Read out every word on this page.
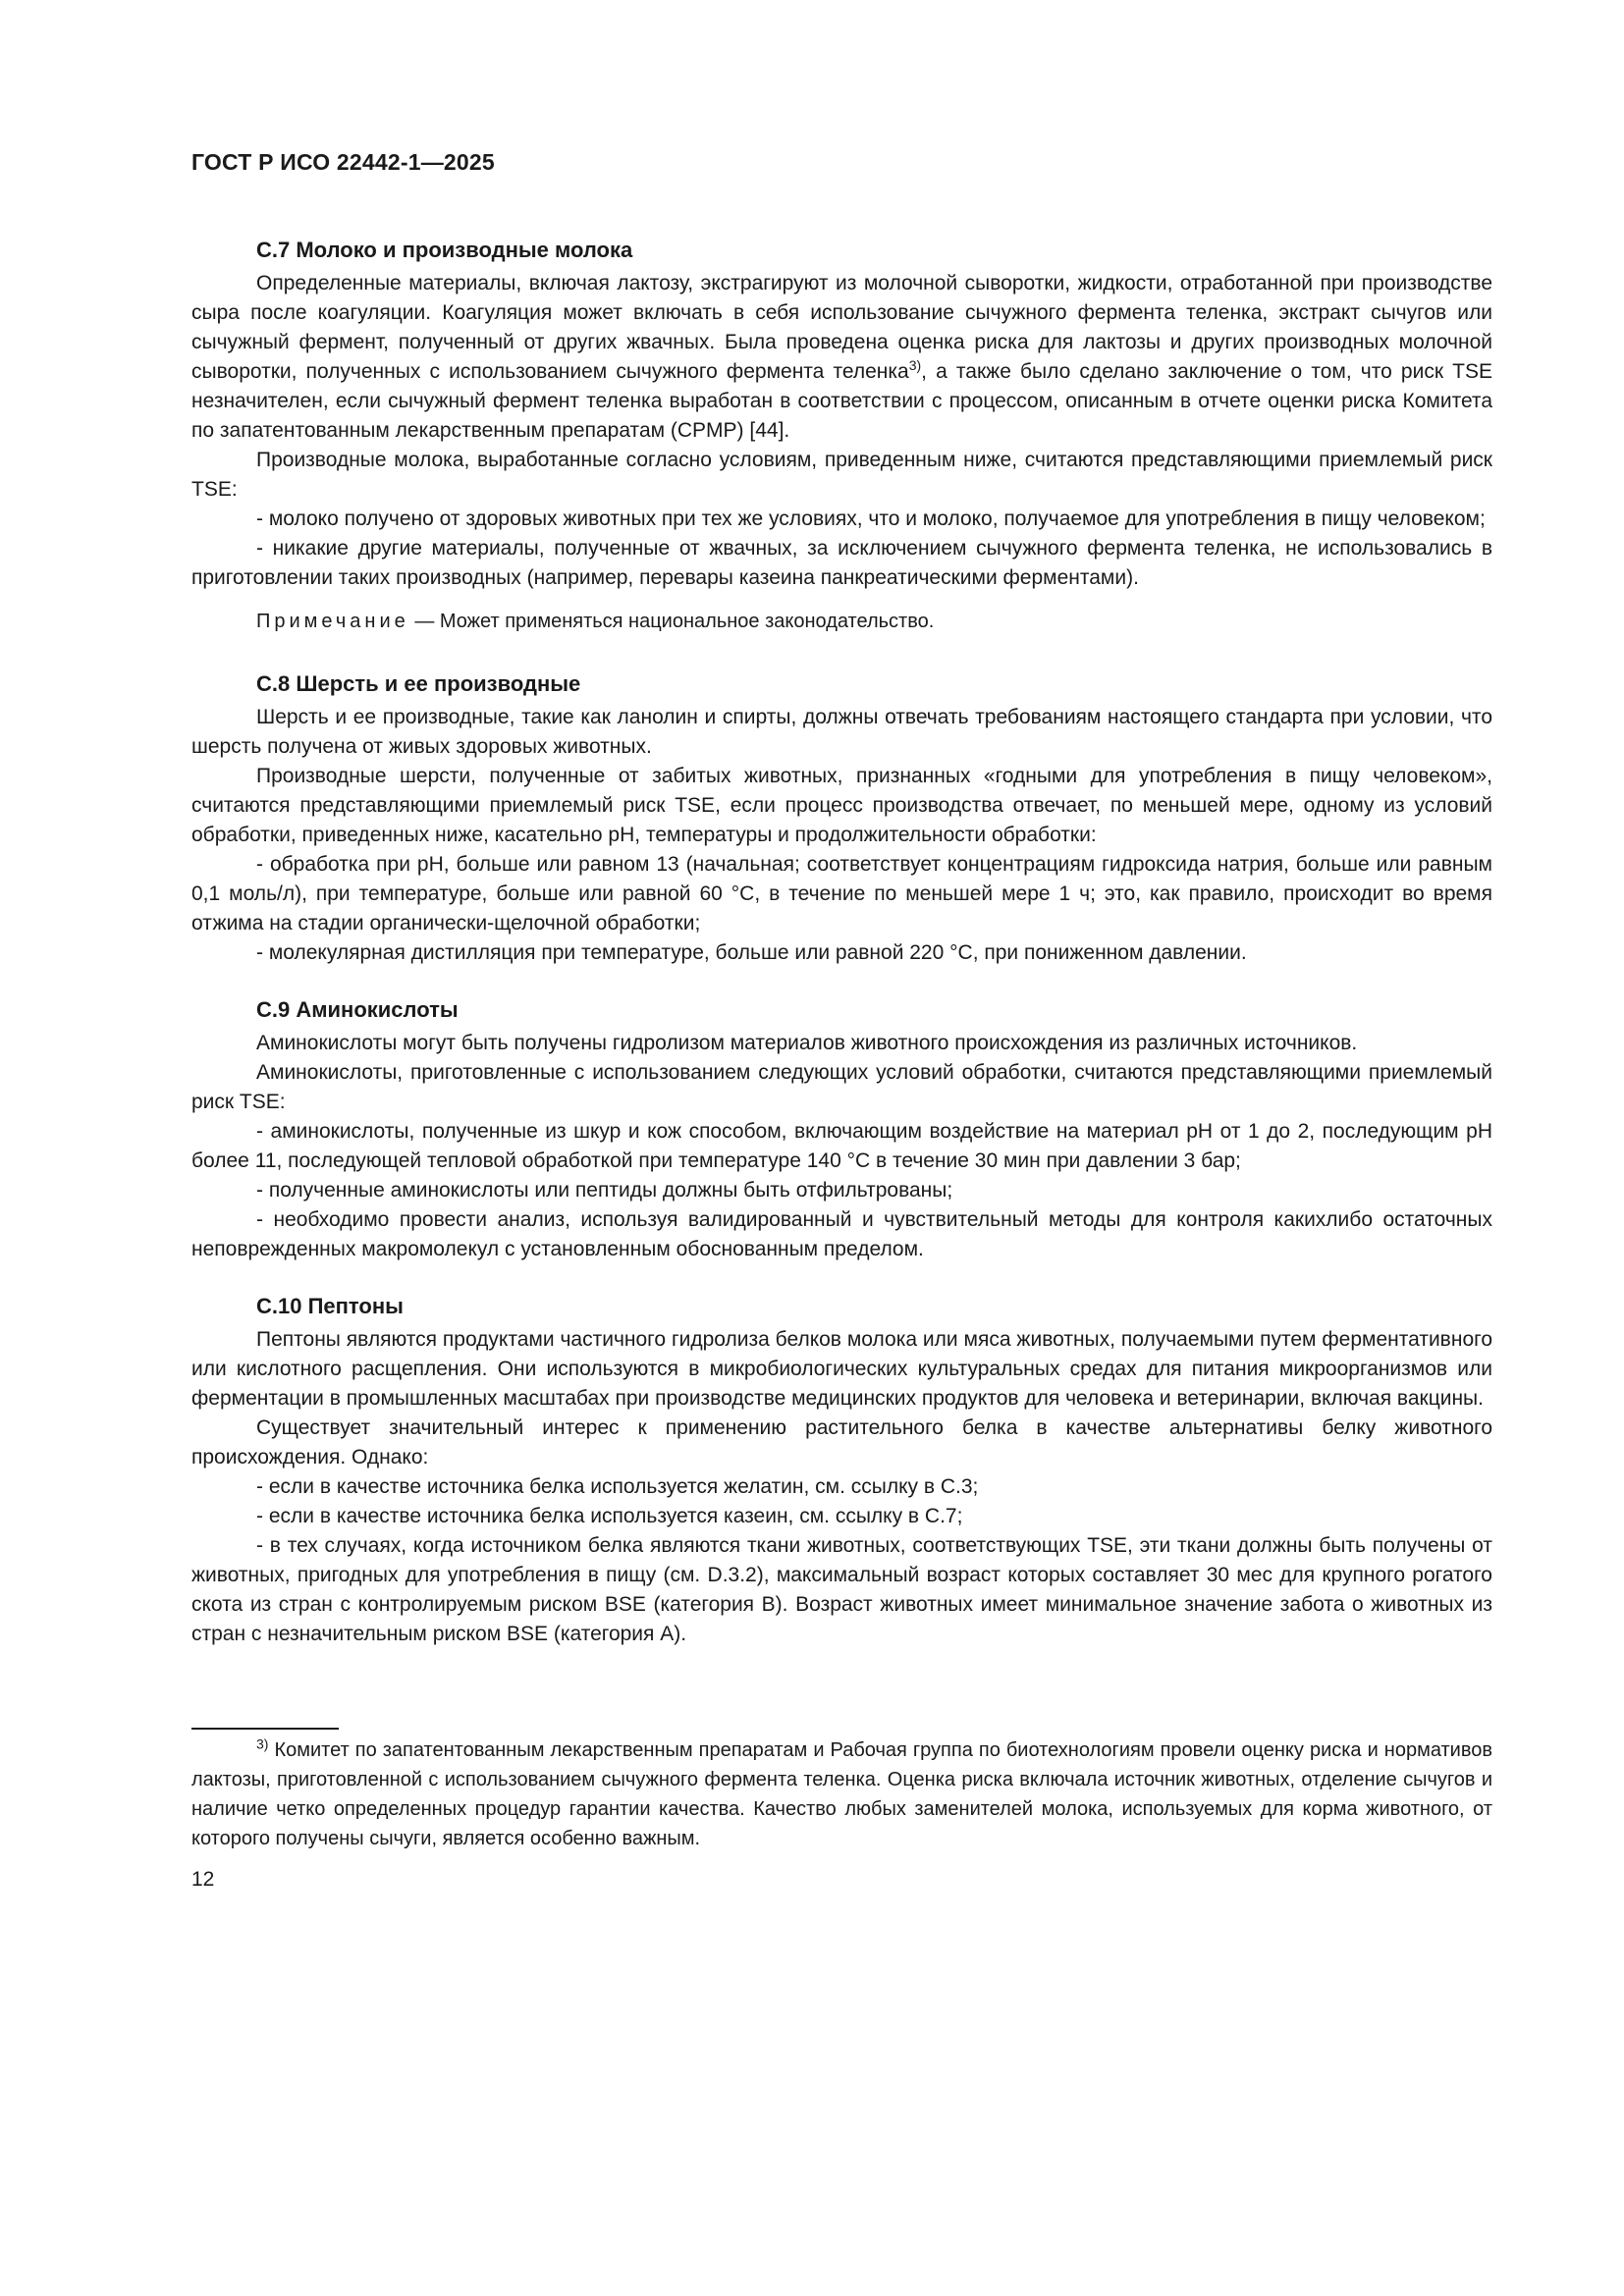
ГОСТ Р ИСО 22442-1—2025
С.7 Молоко и производные молока

Определенные материалы, включая лактозу, экстрагируют из молочной сыворотки, жидкости, отработанной при производстве сыра после коагуляции. Коагуляция может включать в себя использование сычужного фермента теленка, экстракт сычугов или сычужный фермент, полученный от других жвачных. Была проведена оценка риска для лактозы и других производных молочной сыворотки, полученных с использованием сычужного фермента теленка$^{3)}$, а также было сделано заключение о том, что риск TSE незначителен, если сычужный фермент теленка выработан в соответствии с процессом, описанным в отчете оценки риска Комитета по запатентованным лекарственным препаратам (CPMP) [44].

Производные молока, выработанные согласно условиям, приведенным ниже, считаются представляющими приемлемый риск TSE:

- молоко получено от здоровых животных при тех же условиях, что и молоко, получаемое для употребления в пищу человеком;

- никакие другие материалы, полученные от жвачных, за исключением сычужного фермента теленка, не использовались в приготовлении таких производных (например, перевары казеина панкреатическими ферментами).

Примечание — Может применяться национальное законодательство.

С.8 Шерсть и ее производные

Шерсть и ее производные, такие как ланолин и спирты, должны отвечать требованиям настоящего стандарта при условии, что шерсть получена от живых здоровых животных.

Производные шерсти, полученные от забитых животных, признанных «годными для употребления в пищу человеком», считаются представляющими приемлемый риск TSE, если процесс производства отвечает, по меньшей мере, одному из условий обработки, приведенных ниже, касательно pH, температуры и продолжительности обработки:

- обработка при pH, больше или равном 13 (начальная; соответствует концентрациям гидроксида натрия, больше или равным 0,1 моль/л), при температуре, больше или равной 60 °C, в течение по меньшей мере 1 ч; это, как правило, происходит во время отжима на стадии органически-щелочной обработки;

- молекулярная дистилляция при температуре, больше или равной 220 °C, при пониженном давлении.

С.9 Аминокислоты

Аминокислоты могут быть получены гидролизом материалов животного происхождения из различных источников.

Аминокислоты, приготовленные с использованием следующих условий обработки, считаются представляющими приемлемый риск TSE:

- аминокислоты, полученные из шкур и кож способом, включающим воздействие на материал pH от 1 до 2, последующим pH более 11, последующей тепловой обработкой при температуре 140 °C в течение 30 мин при давлении 3 бар;

- полученные аминокислоты или пептиды должны быть отфильтрованы;

- необходимо провести анализ, используя валидированный и чувствительный методы для контроля какихлибо остаточных неповрежденных макромолекул с установленным обоснованным пределом.

С.10 Пептоны

Пептоны являются продуктами частичного гидролиза белков молока или мяса животных, получаемыми путем ферментативного или кислотного расщепления. Они используются в микробиологических культуральных средах для питания микроорганизмов или ферментации в промышленных масштабах при производстве медицинских продуктов для человека и ветеринарии, включая вакцины.

Существует значительный интерес к применению растительного белка в качестве альтернативы белку животного происхождения. Однако:

- если в качестве источника белка используется желатин, см. ссылку в С.3;

- если в качестве источника белка используется казеин, см. ссылку в С.7;

- в тех случаях, когда источником белка являются ткани животных, соответствующих TSE, эти ткани должны быть получены от животных, пригодных для употребления в пищу (см. D.3.2), максимальный возраст которых составляет 30 мес для крупного рогатого скота из стран с контролируемым риском BSE (категория В). Возраст животных имеет минимальное значение забота о животных из стран с незначительным риском BSE (категория А).

$^{3)}$ Комитет по запатентованным лекарственным препаратам и Рабочая группа по биотехнологиям провели оценку риска и нормативов лактозы, приготовленной с использованием сычужного фермента теленка. Оценка риска включала источник животных, отделение сычугов и наличие четко определенных процедур гарантии качества. Качество любых заменителей молока, используемых для корма животного, от которого получены сычуги, является особенно важным.

12
